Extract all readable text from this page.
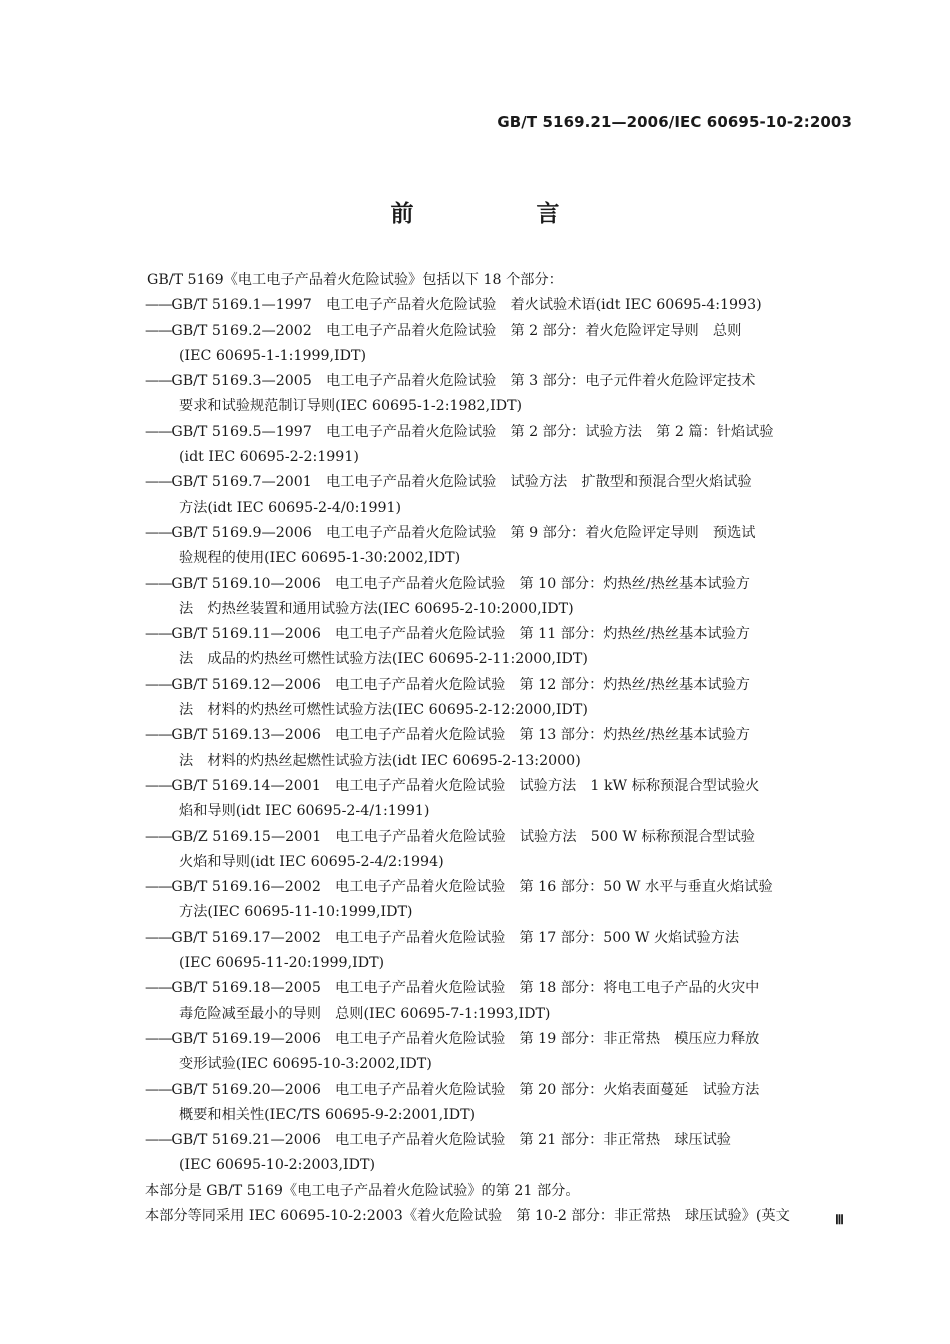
GB/T 5169.21—2006/IEC 60695-10-2:2003
前　言

GB/T 5169《电工电子产品着火危险试验》包括以下 18 个部分：

——GB/T 5169.1—1997　电工电子产品着火危险试验　着火试验术语(idt IEC 60695-4:1993)
——GB/T 5169.2—2002　电工电子产品着火危险试验　第 2 部分：着火危险评定导则　总则
(IEC 60695-1-1:1999,IDT)
——GB/T 5169.3—2005　电工电子产品着火危险试验　第 3 部分：电子元件着火危险评定技术
要求和试验规范制订导则(IEC 60695-1-2:1982,IDT)
——GB/T 5169.5—1997　电工电子产品着火危险试验　第 2 部分：试验方法　第 2 篇：针焰试验
(idt IEC 60695-2-2:1991)
——GB/T 5169.7—2001　电工电子产品着火危险试验　试验方法　扩散型和预混合型火焰试验
方法(idt IEC 60695-2-4/0:1991)
——GB/T 5169.9—2006　电工电子产品着火危险试验　第 9 部分：着火危险评定导则　预选试
验规程的使用(IEC 60695-1-30:2002,IDT)
——GB/T 5169.10—2006　电工电子产品着火危险试验　第 10 部分：灼热丝/热丝基本试验方
法　灼热丝装置和通用试验方法(IEC 60695-2-10:2000,IDT)
——GB/T 5169.11—2006　电工电子产品着火危险试验　第 11 部分：灼热丝/热丝基本试验方
法　成品的灼热丝可燃性试验方法(IEC 60695-2-11:2000,IDT)
——GB/T 5169.12—2006　电工电子产品着火危险试验　第 12 部分：灼热丝/热丝基本试验方
法　材料的灼热丝可燃性试验方法(IEC 60695-2-12:2000,IDT)
——GB/T 5169.13—2006　电工电子产品着火危险试验　第 13 部分：灼热丝/热丝基本试验方
法　材料的灼热丝起燃性试验方法(idt IEC 60695-2-13:2000)
——GB/T 5169.14—2001　电工电子产品着火危险试验　试验方法　1 kW 标称预混合型试验火
焰和导则(idt IEC 60695-2-4/1:1991)
——GB/Z 5169.15—2001　电工电子产品着火危险试验　试验方法　500 W 标称预混合型试验
火焰和导则(idt IEC 60695-2-4/2:1994)
——GB/T 5169.16—2002　电工电子产品着火危险试验　第 16 部分：50 W 水平与垂直火焰试验
方法(IEC 60695-11-10:1999,IDT)
——GB/T 5169.17—2002　电工电子产品着火危险试验　第 17 部分：500 W 火焰试验方法
(IEC 60695-11-20:1999,IDT)
——GB/T 5169.18—2005　电工电子产品着火危险试验　第 18 部分：将电工电子产品的火灾中
毒危险减至最小的导则　总则(IEC 60695-7-1:1993,IDT)
——GB/T 5169.19—2006　电工电子产品着火危险试验　第 19 部分：非正常热　模压应力释放
变形试验(IEC 60695-10-3:2002,IDT)
——GB/T 5169.20—2006　电工电子产品着火危险试验　第 20 部分：火焰表面蔓延　试验方法
概要和相关性(IEC/TS 60695-9-2:2001,IDT)
——GB/T 5169.21—2006　电工电子产品着火危险试验　第 21 部分：非正常热　球压试验
(IEC 60695-10-2:2003,IDT)

本部分是 GB/T 5169《电工电子产品着火危险试验》的第 21 部分。

本部分等同采用 IEC 60695-10-2:2003《着火危险试验　第 10-2 部分：非正常热　球压试验》(英文	Ⅲ
